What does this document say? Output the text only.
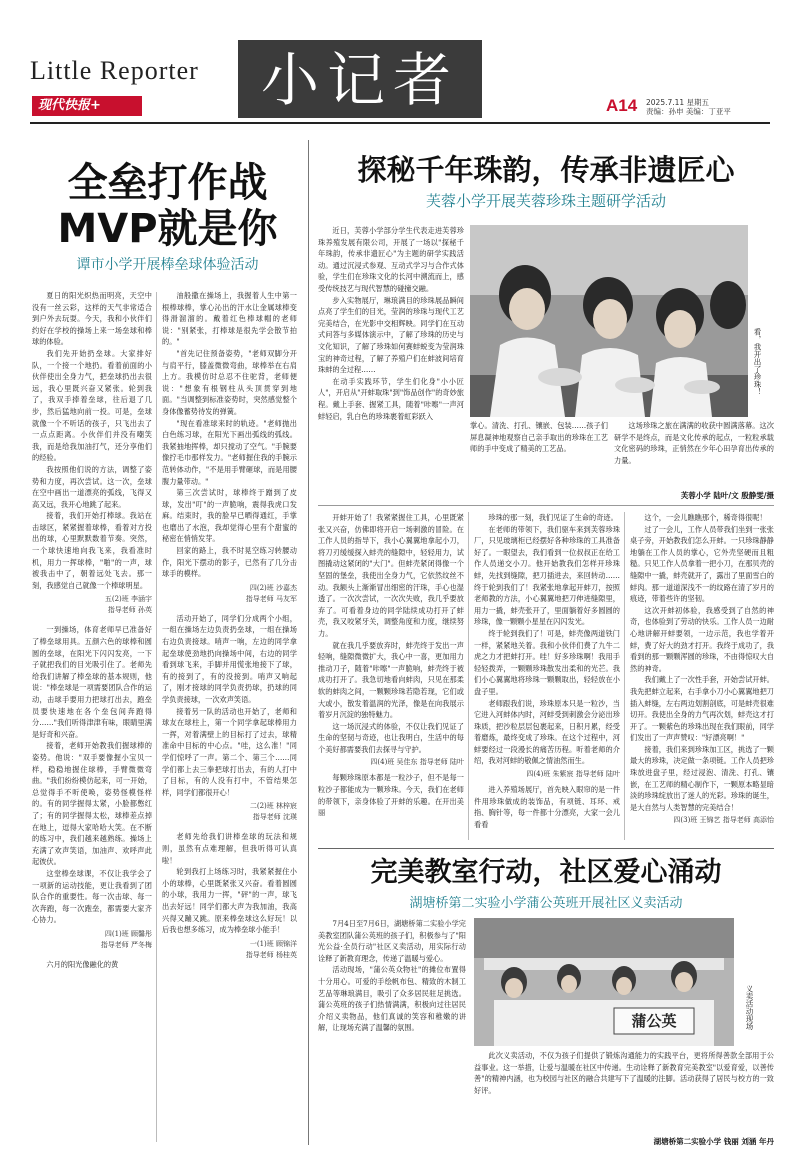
Little Reporter
现代快报+	小记者	A14 2025.7.11 星期五
责编：孙申 美编：丁亚平
全垒打作战
MVP就是你
谭市小学开展棒垒球体验活动

夏日的阳光炽热而明亮，天空中没有一丝云彩，这样的天气非常适合到户外去玩耍。今天，我和小伙伴们约好在学校的操场上来一场垒球和棒球的体验。

我们先开始扔垒球。大家排好队，一个接一个地扔。看着前面的小伙伴使出全身力气，把垒球扔出去很远，我心里既兴奋又紧张。轮到我了，我双手捧着垒球，往后退了几步，然后猛地向前一投。可是，垒球就像一个不听话的孩子，只飞出去了一点点距离。小伙伴们并没有嘲笑我，而是给我加油打气，还分享他们的经验。

我按照他们说的方法，调整了姿势和力度，再次尝试。这一次，垒球在空中画出一道漂亮的弧线，飞得又高又远，我开心地跳了起来。

接着，我们开始打棒球。我站在击球区，紧紧握着球棒，看着对方投出的球，心里默默数着节奏。突然，一个球快速地向我飞来，我看准时机，用力一挥球棒，"啪"的一声，球被我击中了，朝着远处飞去。那一刻，我感觉自己就像一个棒球明星。

五(2)班 李涵宇
指导老师 孙英

一到操场，体育老师早已准备好了棒垒球用具。五颜六色的球棒和圆圆的垒球，在阳光下闪闪发亮，一下子就把我们的目光吸引住了。老师先给我们讲解了棒垒球的基本规则，他说："棒垒球是一项需要团队合作的运动，击球手要用力把球打出去，跑垒员要快速地在各个垒包间奔跑得分……"我们听得津津有味，眼睛里满是好奇和兴奋。

接着，老师开始教我们握球棒的姿势。他说："双手要像握小宝贝一样，稳稳地握住球棒，手臂微微弯曲。"我们纷纷模仿起来，可一开始，总觉得手不听使唤，姿势怪模怪样的。有的同学握得太紧，小脸都憋红了；有的同学握得太松，球棒差点掉在地上，逗得大家哈哈大笑。在不断的练习中，我们越来越熟练。操场上充满了欢声笑语，加油声、欢呼声此起彼伏。

这堂棒垒球课，不仅让我学会了一项新的运动技能，更让我看到了团队合作的重要性。每一次击球、每一次奔跑，每一次跑垒，都需要大家齐心协力。

四(1)班 顾馨彤
指导老师 严冬梅

六月的阳光像融化的黄

油般撒在操场上，我握着人生中第一根棒球棒，掌心沁出的汗水让金属球棒变得滑溜溜的。戴着红色棒球帽的老师说："别紧张，打棒球是很先学会散节拍的。"

"首先记住预备姿势，"老师双脚分开与肩平行，膝盖微微弯曲，球棒举在右肩上方。我模仿时总忍不住驼背，老师便说："想象有根钢柱从头顶贯穿到地面。"当调整到标准姿势时，突然感觉整个身体像蓄势待发的弹簧。

"现在看准球来时的轨迹。"老师抛出白色练习球，在阳光下画出弧线的弧线。我紧抽地挥棒，却只搅动了空气。"手腕要像拧毛巾那样发力。"老师握住我的手腕示范转体动作，"不是用手臂砸球，而是用腰腹力量带动。"

第三次尝试时，球棒终于蹭到了皮球，发出"叮"的一声脆响，震得我虎口发麻。结束时，我的脸早已晒得通红，手掌也磨出了水泡，我却觉得心里有个甜蜜的秘密在悄悄发芽。

回家的路上，我不时晃空练习转腰动作，阳光下摆动的影子，已然有了几分击球手的模样。

四(2)班 沙嘉杰
指导老师 马友军

活动开始了，同学们分成两个小组，一组在操场左边负责扔垒球，一组在操场右边负责接球。哨声一响，左边的同学拿起垒球使劲地扔向操场中间，右边的同学看到球飞来，手脚并用慌张地接下了球，有的接到了，有的没接到。哨声又响起了，刚才接球的同学负责扔球，扔球的同学负责接球，一次欢声笑语。

接着另一队的活动也开始了，老师和球友在球柱上，第一个同学拿起球棒用力一挥，对着满壁上的目标打了过去，球精准命中目标的中心点。"哇，这么准！"同学们惊呼了一声。第二个、第三个……同学们都上去三拳把球打出去，有的人打中了目标，有的人没有打中，不管结果怎样，同学们都很开心！

二(2)班 林梓宸
指导老师 沈瑛

老师先给我们讲棒垒球的玩法和规则，虽然有点难理解，但我听得可认真啦！

轮到我打上场练习时，我紧紧握住小小的球棒，心里既紧张又兴奋。看着圆圆的小球，我用力一挥，"砰"的一声，球飞出去好远！同学们都大声为我加油，我高兴得又蹦又跳。原来棒垒球这么好玩！以后我也想多练习，成为棒垒球小能手！

一(1)班 顾锦洋
指导老师 杨桂英
探秘千年珠韵，传承非遗匠心
芙蓉小学开展芙蓉珍珠主题研学活动

近日，芙蓉小学部分学生代表走进芙蓉珍珠养殖发展有限公司，开展了一场以"探秘千年珠韵，传承非遗匠心"为主题的研学实践活动。通过沉浸式参观、互动式学习与合作式体验，学生们在珍珠文化的长河中溯流而上，感受传统技艺与现代智慧的碰撞交融。

步入实物展厅，琳琅满目的珍珠展品瞬间点亮了学生们的目光，莹润的珍珠与现代工艺完美结合，在光影中交相辉映。同学们在互动式问答与多媒体演示中，了解了珍珠的历史与文化知识，了解了珍珠如何赛蚌蜕变为莹润珠宝的神奇过程，了解了养殖户们在蚌波间培育珠蚌的全过程……

在动手实践环节，学生们化身"小小匠人"，开启从"开蚌取珠"到"饰品创作"的奇妙旅程。戴上手套、握紧工具，随着"咔嚓"一声河蚌轻启，乳白色的珍珠裹着虹彩跃入

看，我开出了珍珠！

掌心。清洗、打孔、镶嵌、包装……孩子们屏息凝神地观察自己亲手取出的珍珠在工艺师的手中变成了精美的工艺品。

这场珍珠之旅在满满的收获中圆满落幕。这次研学不是终点，而是文化传承的起点，一粒粒承载文化密码的珍珠，正悄然在少年心田孕育出传承的力量。

芙蓉小学 陆叶/文 殷静雯/摄

开蚌开始了！我紧紧握住工具，心里既紧张又兴奋，仿佛即将开启一场刺激的冒险。在工作人员的指导下，我小心翼翼地拿起小刀，将刀刃缓缓探入蚌壳的缝隙中，轻轻用力，试图撬动这紧闭的"大门"。但蚌壳紧闭得像一个坚固的堡垒，我使出全身力气，它依然纹丝不动。我额头上渐渐冒出细密的汗珠，手心也湿透了。一次次尝试，一次次失败，我几乎要放弃了。可看着身边的同学陆续成功打开了蚌壳，我又咬紧牙关，调整角度和力度，继续努力。

就在我几乎要放弃时，蚌壳终于发出一声轻响，缝隙微微扩大，我心中一喜，更加用力推动刀子，随着"咔嚓"一声脆响，蚌壳终于被成功打开了。我急切地看向蚌肉，只见在那柔软的蚌肉之间，一颗颗珍珠若隐若现，它们或大或小，散发着温润的光泽，像是在向我展示着岁月沉淀的独特魅力。

这一场沉浸式的体验，不仅让我们见证了生命的坚韧与奇迹，也让我明白，生活中的每个美好都需要我们去探寻与守护。

四(4)班 吴佳东 指导老师 陆叶

每颗珍珠原本都是一粒沙子，但不是每一粒沙子都能成为一颗珍珠。今天，我们在老师的带领下，亲身体验了开蚌的乐趣。在开出美丽

珍珠的那一刻，我们见证了生命的奇迹。

在老师的带领下，我们驱车来到芙蓉珍珠厂，只见玻璃柜已经摆好各种珍珠的工具准备好了。一眼望去，我们看到一位叔叔正在给工作人员递交小刀。他开始教我们怎样开珍珠蚌，先找到缝隙，把刀插进去，来回转动……终于轮到我们了！我紧张地拿起开蚌刀，按照老师教的方法，小心翼翼地把刀伸进缝隙里，用力一撬，蚌壳张开了，里面躺着好多圆圆的珍珠，像一颗颗小星星在闪闪发光。

终于轮到我们了！可是，蚌壳像两道铁门一样，紧紧地关着。我和小伙伴们费了九牛二虎之力才把蚌打开。哇！好多珍珠啊！我用手轻轻拨弄，一颗颗珍珠散发出柔和的光芒。我们小心翼翼地将珍珠一颗颗取出，轻轻放在小盘子里。

老师跟我们说，珍珠原本只是一粒沙，当它进入河蚌体内时，河蚌受到刺激会分泌出珍珠质，把沙粒层层包裹起来，日积月累，经受着磨炼，最终变成了珍珠。在这个过程中，河蚌要经过一段漫长的痛苦历程。听着老师的介绍，我对河蚌的敬佩之情油然而生。

四(4)班 朱紫宸 指导老师 陆叶

进入养殖场展厅，首先映入眼帘的是一件件用珍珠做成的装饰品，有项链、耳环、戒指、胸针等，每一件都十分漂亮，大家一会儿看看

这个，一会儿瞧瞧那个，稀奇得很呢！

过了一会儿，工作人员带我们坐到一张张桌子旁，开始教我们怎么开蚌。一只珍珠静静地躺在工作人员的掌心，它外壳坚硬而且粗糙。只见工作人员拿着一把小刀，在那贝壳的缝隙中一撬，蚌壳就开了，露出了里面雪白的蚌肉。那一道道深浅不一的纹路在清了岁月的痕迹，带着些许的坚韧。

这次开蚌初体验，我感受到了自然的神奇，也体验到了劳动的快乐。工作人员一边耐心地讲解开蚌要领，一边示范，我也学着开蚌，费了好大的劲才打开。我终于成功了，我看到的那一颗颗浑圆的珍珠，不由得惊叹大自然的神奇。

我们戴上了一次性手套，开始尝试开蚌。我先把蚌立起来，右手拿小刀小心翼翼地把刀插入蚌缝，左右两边划割剖底，可是蚌壳很难切开。我使出全身的力气再次划，蚌壳这才打开了。一颗紫色的珍珠出现在我们眼前，同学们发出了一声声赞叹："好漂亮啊！"

接着，我们来到珍珠加工区，挑选了一颗最大的珍珠，决定做一条项链。工作人员把珍珠放进盘子里，经过浸泡、清洗、打孔、镶嵌，在工艺师的精心制作下，一颗原本略显暗淡的珍珠绽放出了迷人的光彩。珍珠的诞生，是大自然与人类智慧的完美结合！

四(3)班 王锦艺 指导老师 高添怡
完美教室行动，社区爱心涌动
湖塘桥第二实验小学蒲公英班开展社区义卖活动

7月4日至7月6日，湖塘桥第二实验小学完美教室团队蒲公英班的孩子们，积极参与了"阳光公益·全员行动"社区义卖活动，用实际行动诠释了新教育理念，传递了温暖与爱心。

活动现场，"蒲公英众物社"的摊位布置得十分用心。可爱的手绘帆布包、精致的木制工艺品等琳琅满目，吸引了众多居民驻足挑选。蒲公英班的孩子们热情满满，积极向过往居民介绍义卖物品，他们真诚的笑容和稚嫩的讲解，让现场充满了温馨的氛围。	蒲公英	义卖活动现场

此次义卖活动，不仅为孩子们提供了锻炼沟通能力的实践平台，更将所得善款全部用于公益事业。这一举措，让爱与温暖在社区中传递。生动诠释了新教育完美教室"以爱育爱，以善传善"的精神内涵，也为校园与社区的融合共建写下了温暖的注脚。活动获得了居民与校方的一致好评。

湖塘桥第二实验小学 钱丽 刘涵 年丹
